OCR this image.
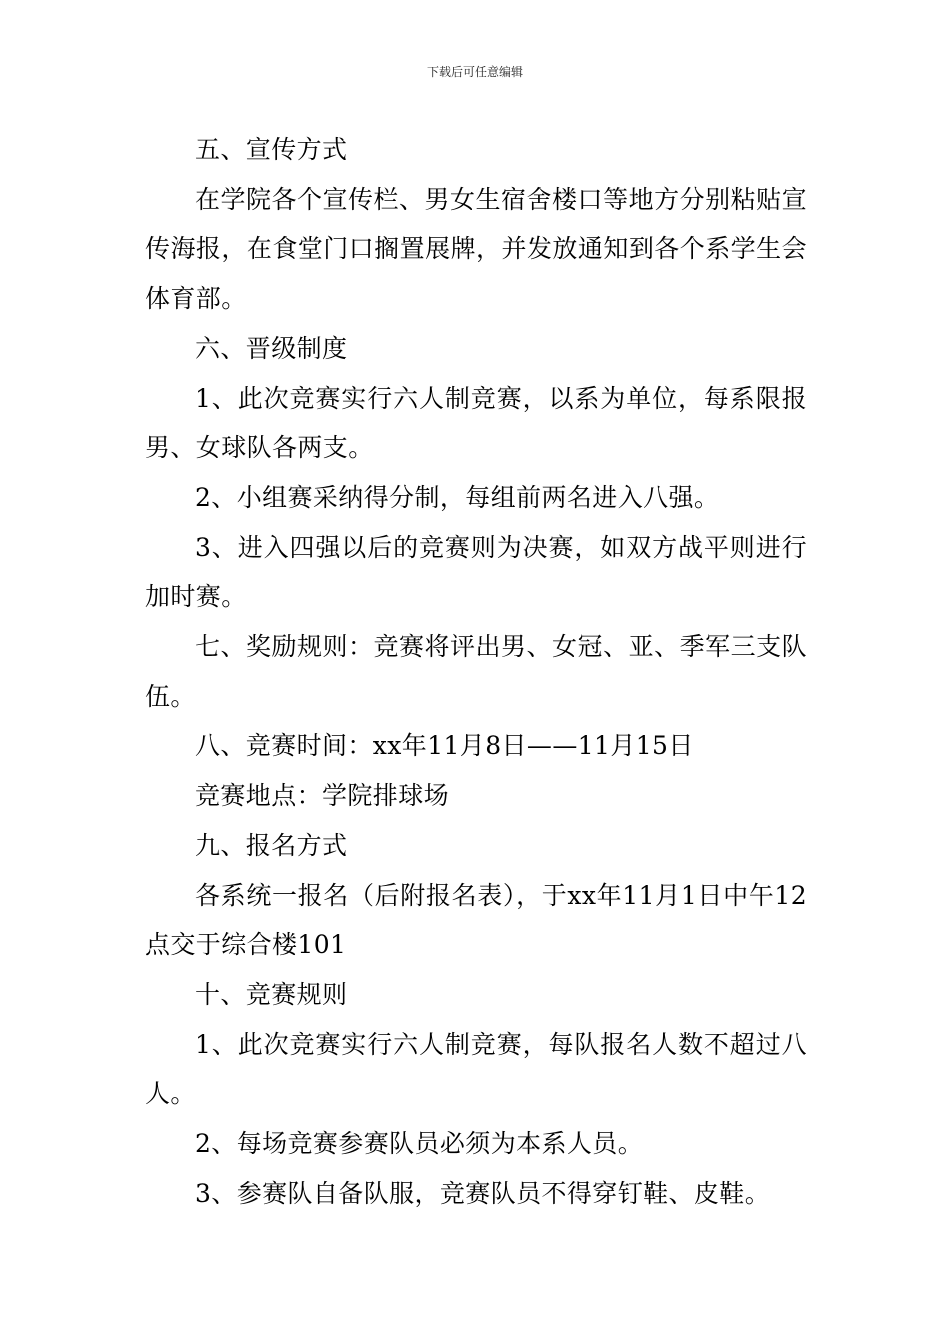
下载后可任意编辑

五、宣传方式

在学院各个宣传栏、男女生宿舍楼口等地方分别粘贴宣传海报，在食堂门口搁置展牌，并发放通知到各个系学生会体育部。

六、晋级制度

1、此次竞赛实行六人制竞赛，以系为单位，每系限报男、女球队各两支。

2、小组赛采纳得分制，每组前两名进入八强。

3、进入四强以后的竞赛则为决赛，如双方战平则进行加时赛。

七、奖励规则：竞赛将评出男、女冠、亚、季军三支队伍。

八、竞赛时间：xx年11月8日——11月15日

竞赛地点：学院排球场

九、报名方式

各系统一报名（后附报名表），于xx年11月1日中午12点交于综合楼101

十、竞赛规则

1、此次竞赛实行六人制竞赛，每队报名人数不超过八人。

2、每场竞赛参赛队员必须为本系人员。

3、参赛队自备队服，竞赛队员不得穿钉鞋、皮鞋。
